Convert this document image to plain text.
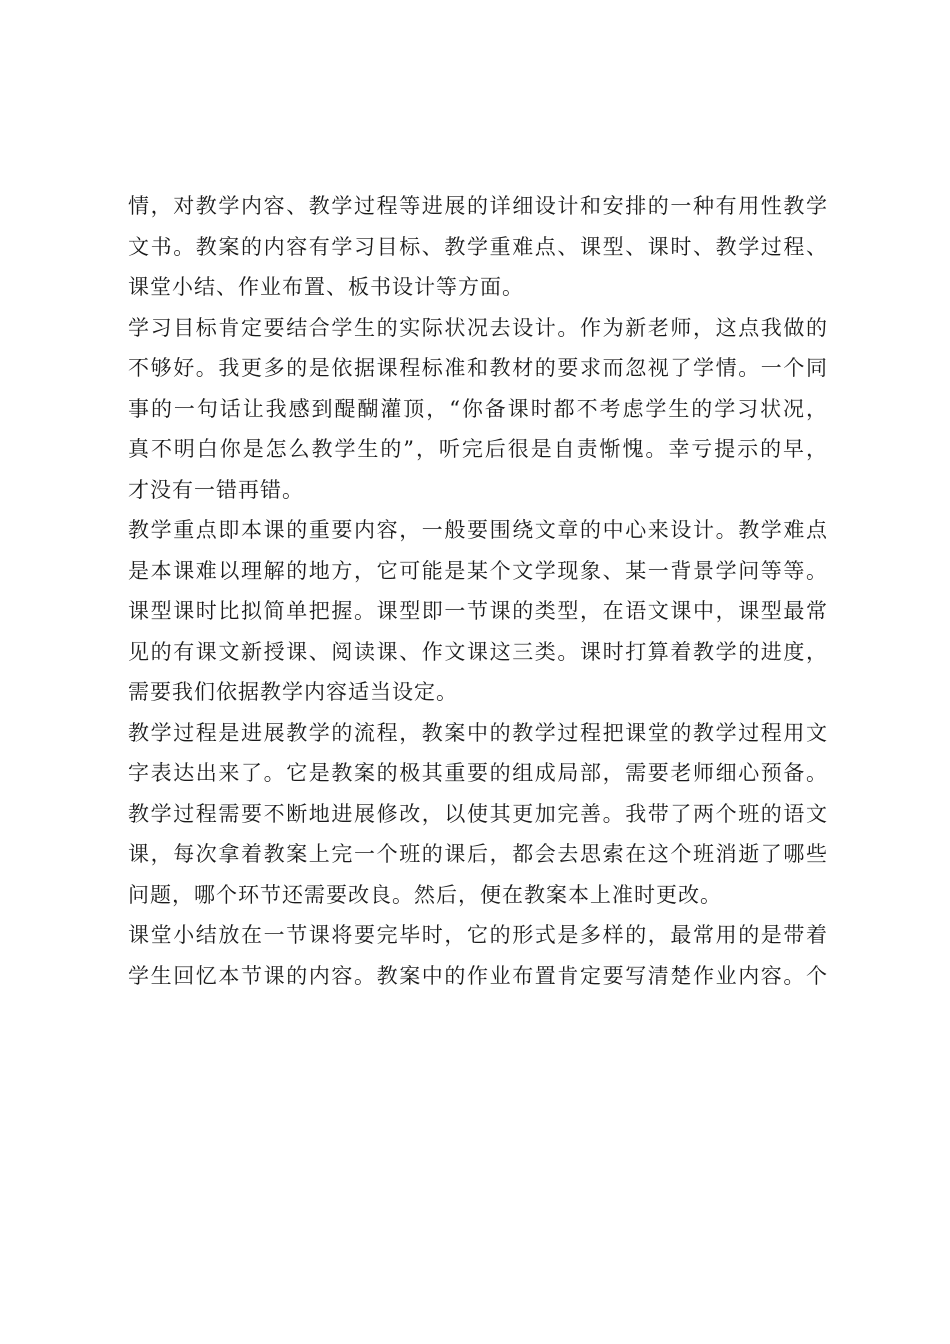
情，对教学内容、教学过程等进展的详细设计和安排的一种有用性教学
文书。教案的内容有学习目标、教学重难点、课型、课时、教学过程、
课堂小结、作业布置、板书设计等方面。

学习目标肯定要结合学生的实际状况去设计。作为新老师，这点我做的
不够好。我更多的是依据课程标准和教材的要求而忽视了学情。一个同
事的一句话让我感到醍醐灌顶，“你备课时都不考虑学生的学习状况，
真不明白你是怎么教学生的”，听完后很是自责惭愧。幸亏提示的早，
才没有一错再错。

教学重点即本课的重要内容，一般要围绕文章的中心来设计。教学难点
是本课难以理解的地方，它可能是某个文学现象、某一背景学问等等。

课型课时比拟简单把握。课型即一节课的类型，在语文课中，课型最常
见的有课文新授课、阅读课、作文课这三类。课时打算着教学的进度，
需要我们依据教学内容适当设定。

教学过程是进展教学的流程，教案中的教学过程把课堂的教学过程用文
字表达出来了。它是教案的极其重要的组成局部，需要老师细心预备。

教学过程需要不断地进展修改，以使其更加完善。我带了两个班的语文
课，每次拿着教案上完一个班的课后，都会去思索在这个班消逝了哪些
问题，哪个环节还需要改良。然后，便在教案本上准时更改。

课堂小结放在一节课将要完毕时，它的形式是多样的，最常用的是带着
学生回忆本节课的内容。教案中的作业布置肯定要写清楚作业内容。个
